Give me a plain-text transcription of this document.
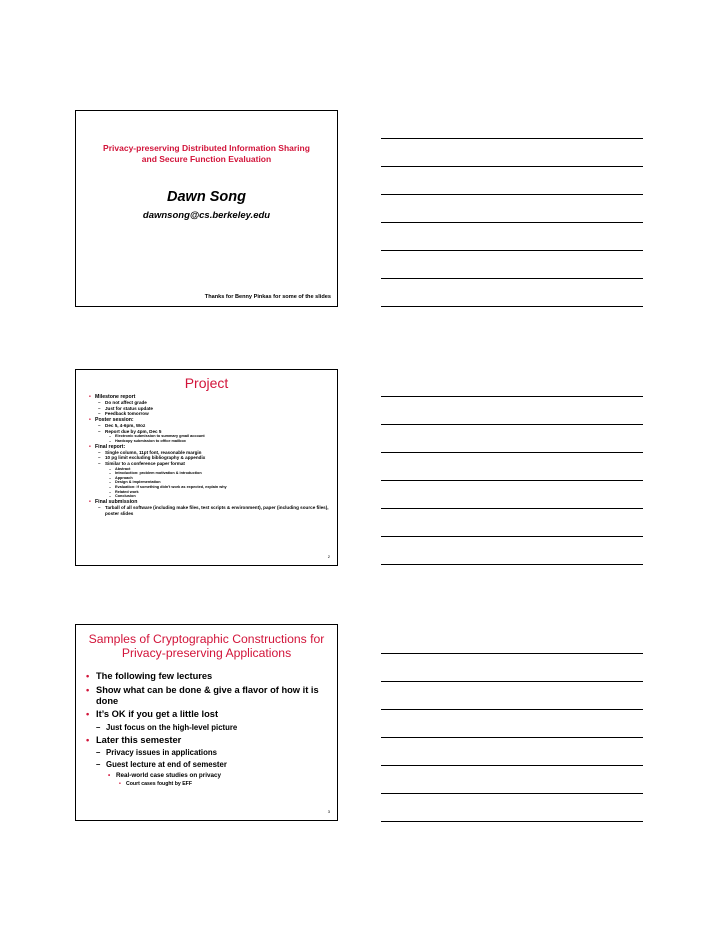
Privacy-preserving Distributed Information Sharing
and Secure Function Evaluation
Dawn Song
dawnsong@cs.berkeley.edu
Thanks for Benny Pinkas for some of the slides
Project
• Milestone report
– Do not affect grade
– Just for status update
– Feedback tomorrow
• Poster session:
– Dec 5, 4-6pm, Woz
– Report due by 4pm, Dec 5
– Electronic submission to summary gmail account
– Hardcopy submission to office mailbox
• Final report:
– Single column, 11pt font, reasonable margin
– 10 pg limit excluding bibliography & appendix
– Similar to a conference paper format
– Abstract
– Introduction: problem motivation & introduction
– Approach
– Design & implementation
– Evaluation: if something didn't work as expected, explain why
– Related work
– Conclusion
• Final submission
– Tarball of all software (including make files, test scripts & environment), paper (including source files), poster slides
2
Samples of Cryptographic Constructions for
Privacy-preserving Applications
• The following few lectures
• Show what can be done & give a flavor of how it is done
• It’s OK if you get a little lost
– Just focus on the high-level picture
• Later this semester
– Privacy issues in applications
– Guest lecture at end of semester
• Real-world case studies on privacy
• Court cases fought by EFF
3
